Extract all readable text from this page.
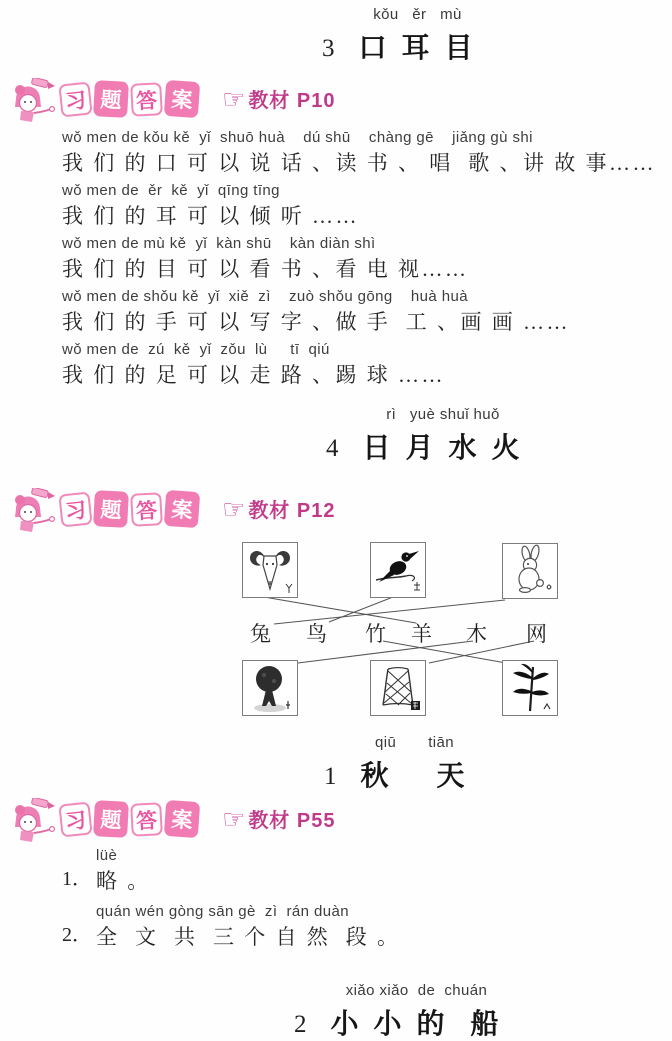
3
kǒu   ěr   mù
口 耳 目
习 题 答 案 ☞ 教材 P10
wǒ men de kǒu kě  yǐ  shuō huà    dú shū    chàng gē    jiǎng gù shi
我 们 的 口 可 以 说 话 、读 书 、 唱  歌 、讲 故 事……
wǒ men de  ěr  kě  yǐ  qīng tīng
我 们 的 耳 可 以 倾 听 ……
wǒ men de mù kě  yǐ  kàn shū    kàn diàn shì
我 们 的 目 可 以 看 书 、看 电 视……
wǒ men de shǒu kě  yǐ  xiě  zì    zuò shǒu gōng    huà huà
我 们 的 手 可 以 写 字 、做 手  工 、画 画 ……
wǒ men de  zú  kě  yǐ  zǒu  lù     tī  qiú
我 们 的 足 可 以 走 路 、踢 球 ……
4
rì   yuè shuǐ huǒ
日 月 水 火
习 题 答 案 ☞ 教材 P12
兔 鸟 竹 羊 木 网
1
qiū       tiān
秋    天
习 题 答 案 ☞ 教材 P55
1．
lüè
略 。
2．
quán wén gòng sān gè  zì  rán duàn
全  文  共  三 个 自 然  段 。
2
xiǎo xiǎo  de  chuán
小 小 的  船
